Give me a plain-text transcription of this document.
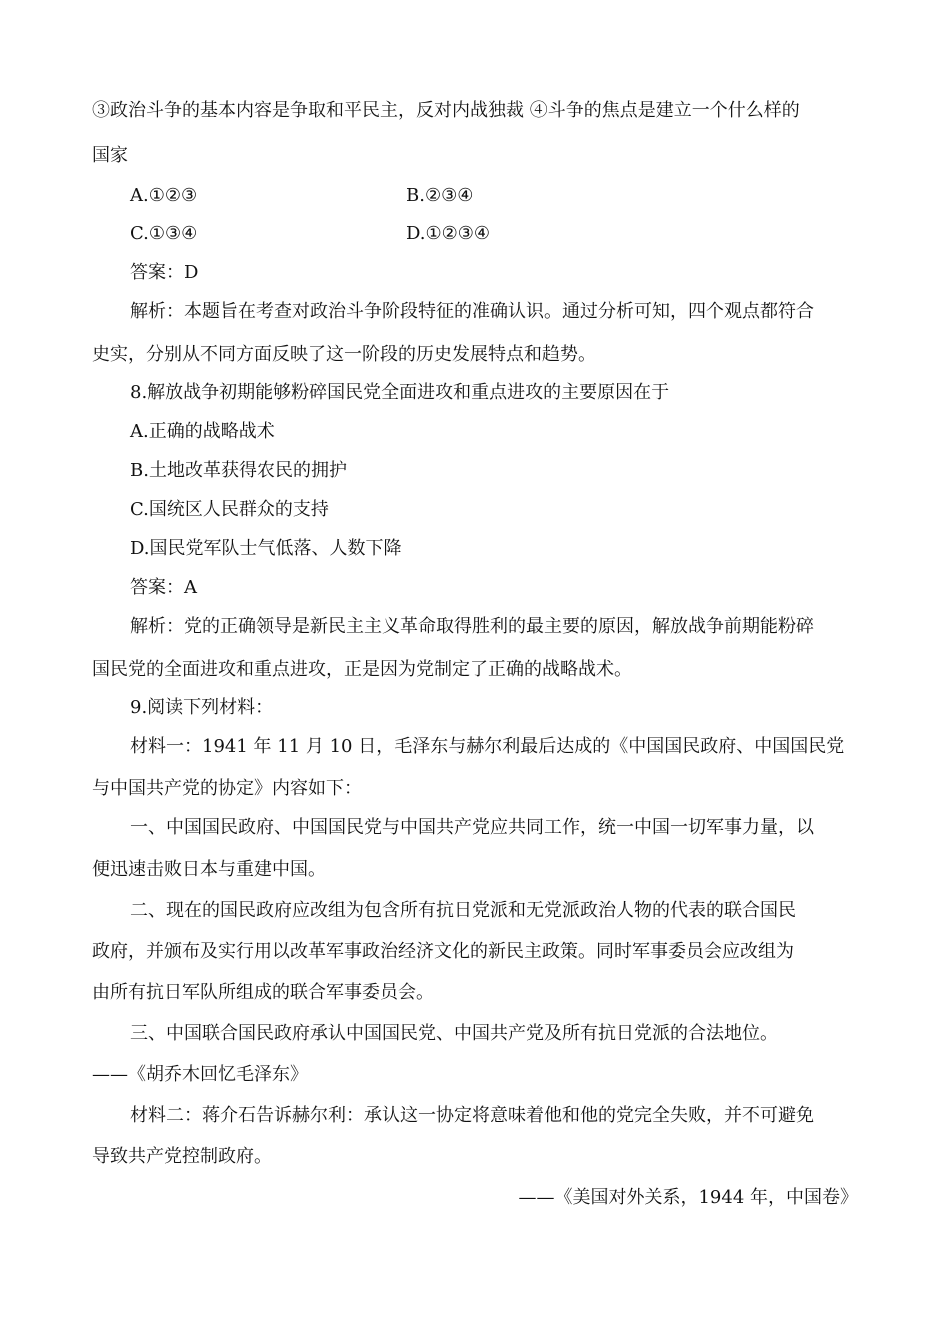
③政治斗争的基本内容是争取和平民主，反对内战独裁 ④斗争的焦点是建立一个什么样的
国家
A.①②③	B.②③④
C.①③④	D.①②③④
答案：D
解析：本题旨在考查对政治斗争阶段特征的准确认识。通过分析可知，四个观点都符合
史实，分别从不同方面反映了这一阶段的历史发展特点和趋势。
8.解放战争初期能够粉碎国民党全面进攻和重点进攻的主要原因在于
A.正确的战略战术
B.土地改革获得农民的拥护
C.国统区人民群众的支持
D.国民党军队士气低落、人数下降
答案：A
解析：党的正确领导是新民主主义革命取得胜利的最主要的原因，解放战争前期能粉碎
国民党的全面进攻和重点进攻，正是因为党制定了正确的战略战术。
9.阅读下列材料：
材料一：1941 年 11 月 10 日，毛泽东与赫尔利最后达成的《中国国民政府、中国国民党
与中国共产党的协定》内容如下：
一、中国国民政府、中国国民党与中国共产党应共同工作，统一中国一切军事力量，以
便迅速击败日本与重建中国。
二、现在的国民政府应改组为包含所有抗日党派和无党派政治人物的代表的联合国民
政府，并颁布及实行用以改革军事政治经济文化的新民主政策。同时军事委员会应改组为
由所有抗日军队所组成的联合军事委员会。
三、中国联合国民政府承认中国国民党、中国共产党及所有抗日党派的合法地位。
——《胡乔木回忆毛泽东》
材料二：蒋介石告诉赫尔利：承认这一协定将意味着他和他的党完全失败，并不可避免
导致共产党控制政府。
——《美国对外关系，1944 年，中国卷》
